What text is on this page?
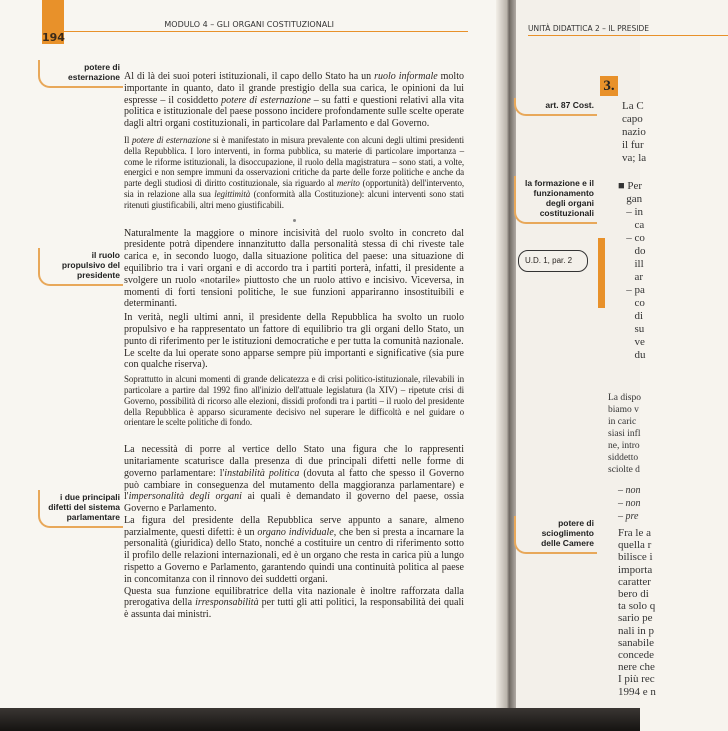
194
MODULO 4 – GLI ORGANI COSTITUZIONALI
potere di esternazione
il ruolo propulsivo del presidente
i due principali difetti del sistema parlamentare

Al di là dei suoi poteri istituzionali, il capo dello Stato ha un ruolo informale molto importante in quanto, dato il grande prestigio della sua carica, le opinioni da lui espresse – il cosiddetto potere di esternazione – su fatti e questioni relativi alla vita politica e istituzionale del paese possono incidere profondamente sulle scelte operate dagli altri organi costituzionali, in particolare dal Parlamento e dal Governo.

Il potere di esternazione si è manifestato in misura prevalente con alcuni degli ultimi presidenti della Repubblica. I loro interventi, in forma pubblica, su materie di particolare importanza – come le riforme istituzionali, la disoccupazione, il ruolo della magistratura – sono stati, a volte, energici e non sempre immuni da osservazioni critiche da parte delle forze politiche e anche da parte degli studiosi di diritto costituzionale, sia riguardo al merito (opportunità) dell'intervento, sia in relazione alla sua legittimità (conformità alla Costituzione): alcuni interventi sono stati ritenuti giustificabili, altri meno giustificabili.

Naturalmente la maggiore o minore incisività del ruolo svolto in concreto dal presidente potrà dipendere innanzitutto dalla personalità stessa di chi riveste tale carica e, in secondo luogo, dalla situazione politica del paese: una situazione di equilibrio tra i vari organi e di accordo tra i partiti porterà, infatti, il presidente a svolgere un ruolo «notarile» piuttosto che un ruolo attivo e incisivo. Viceversa, in momenti di forti tensioni politiche, le sue funzioni appariranno insostituibili e determinanti.

In verità, negli ultimi anni, il presidente della Repubblica ha svolto un ruolo propulsivo e ha rappresentato un fattore di equilibrio tra gli organi dello Stato, un punto di riferimento per le istituzioni democratiche e per tutta la comunità nazionale.

Le scelte da lui operate sono apparse sempre più importanti e significative (sia pure con qualche riserva).

Soprattutto in alcuni momenti di grande delicatezza e di crisi politico-istituzionale, rilevabili in particolare a partire dal 1992 fino all'inizio dell'attuale legislatura (la XIV) – ripetute crisi di Governo, possibilità di ricorso alle elezioni, dissidi profondi tra i partiti – il ruolo del presidente della Repubblica è apparso sicuramente decisivo nel superare le difficoltà e nel guidare o orientare le scelte politiche di fondo.

La necessità di porre al vertice dello Stato una figura che lo rappresenti unitariamente scaturisce dalla presenza di due principali difetti nelle forme di governo parlamentare: l'instabilità politica (dovuta al fatto che spesso il Governo può cambiare in conseguenza del mutamento della maggioranza parlamentare) e l'impersonalità degli organi ai quali è demandato il governo del paese, ossia Governo e Parlamento.

La figura del presidente della Repubblica serve appunto a sanare, almeno parzialmente, questi difetti: è un organo individuale, che ben si presta a incarnare la personalità (giuridica) dello Stato, nonché a costituire un centro di riferimento sotto il profilo delle relazioni internazionali, ed è un organo che resta in carica più a lungo rispetto a Governo e Parlamento, garantendo quindi una continuità politica al paese in concomitanza con il rinnovo dei suddetti organi.

Questa sua funzione equilibratrice della vita nazionale è inoltre rafforzata dalla prerogativa della irresponsabilità per tutti gli atti politici, la responsabilità dei quali è assunta dai ministri.

UNITÀ DIDATTICA 2 – IL PRESIDE
3.
art. 87 Cost.	La C
capo
nazio
il fur
va; la
la formazione e il funzionamento degli organi costituzionali
■ Per
gan
– in
ca
– co
do
ill
ar
– pa
co
di
su
ve
du
U.D. 1, par. 2
La dispo
biamo v
in caric
siasi infl
ne, intro
siddetto
sciolte d
– non
– non
– pre
potere di scioglimento delle Camere
Fra le a
quella r
bilisce i
importa
caratter
bero di
ta solo q
sario pe
nali in p
sanabile
concede
nere che
I più rec
1994 e n
